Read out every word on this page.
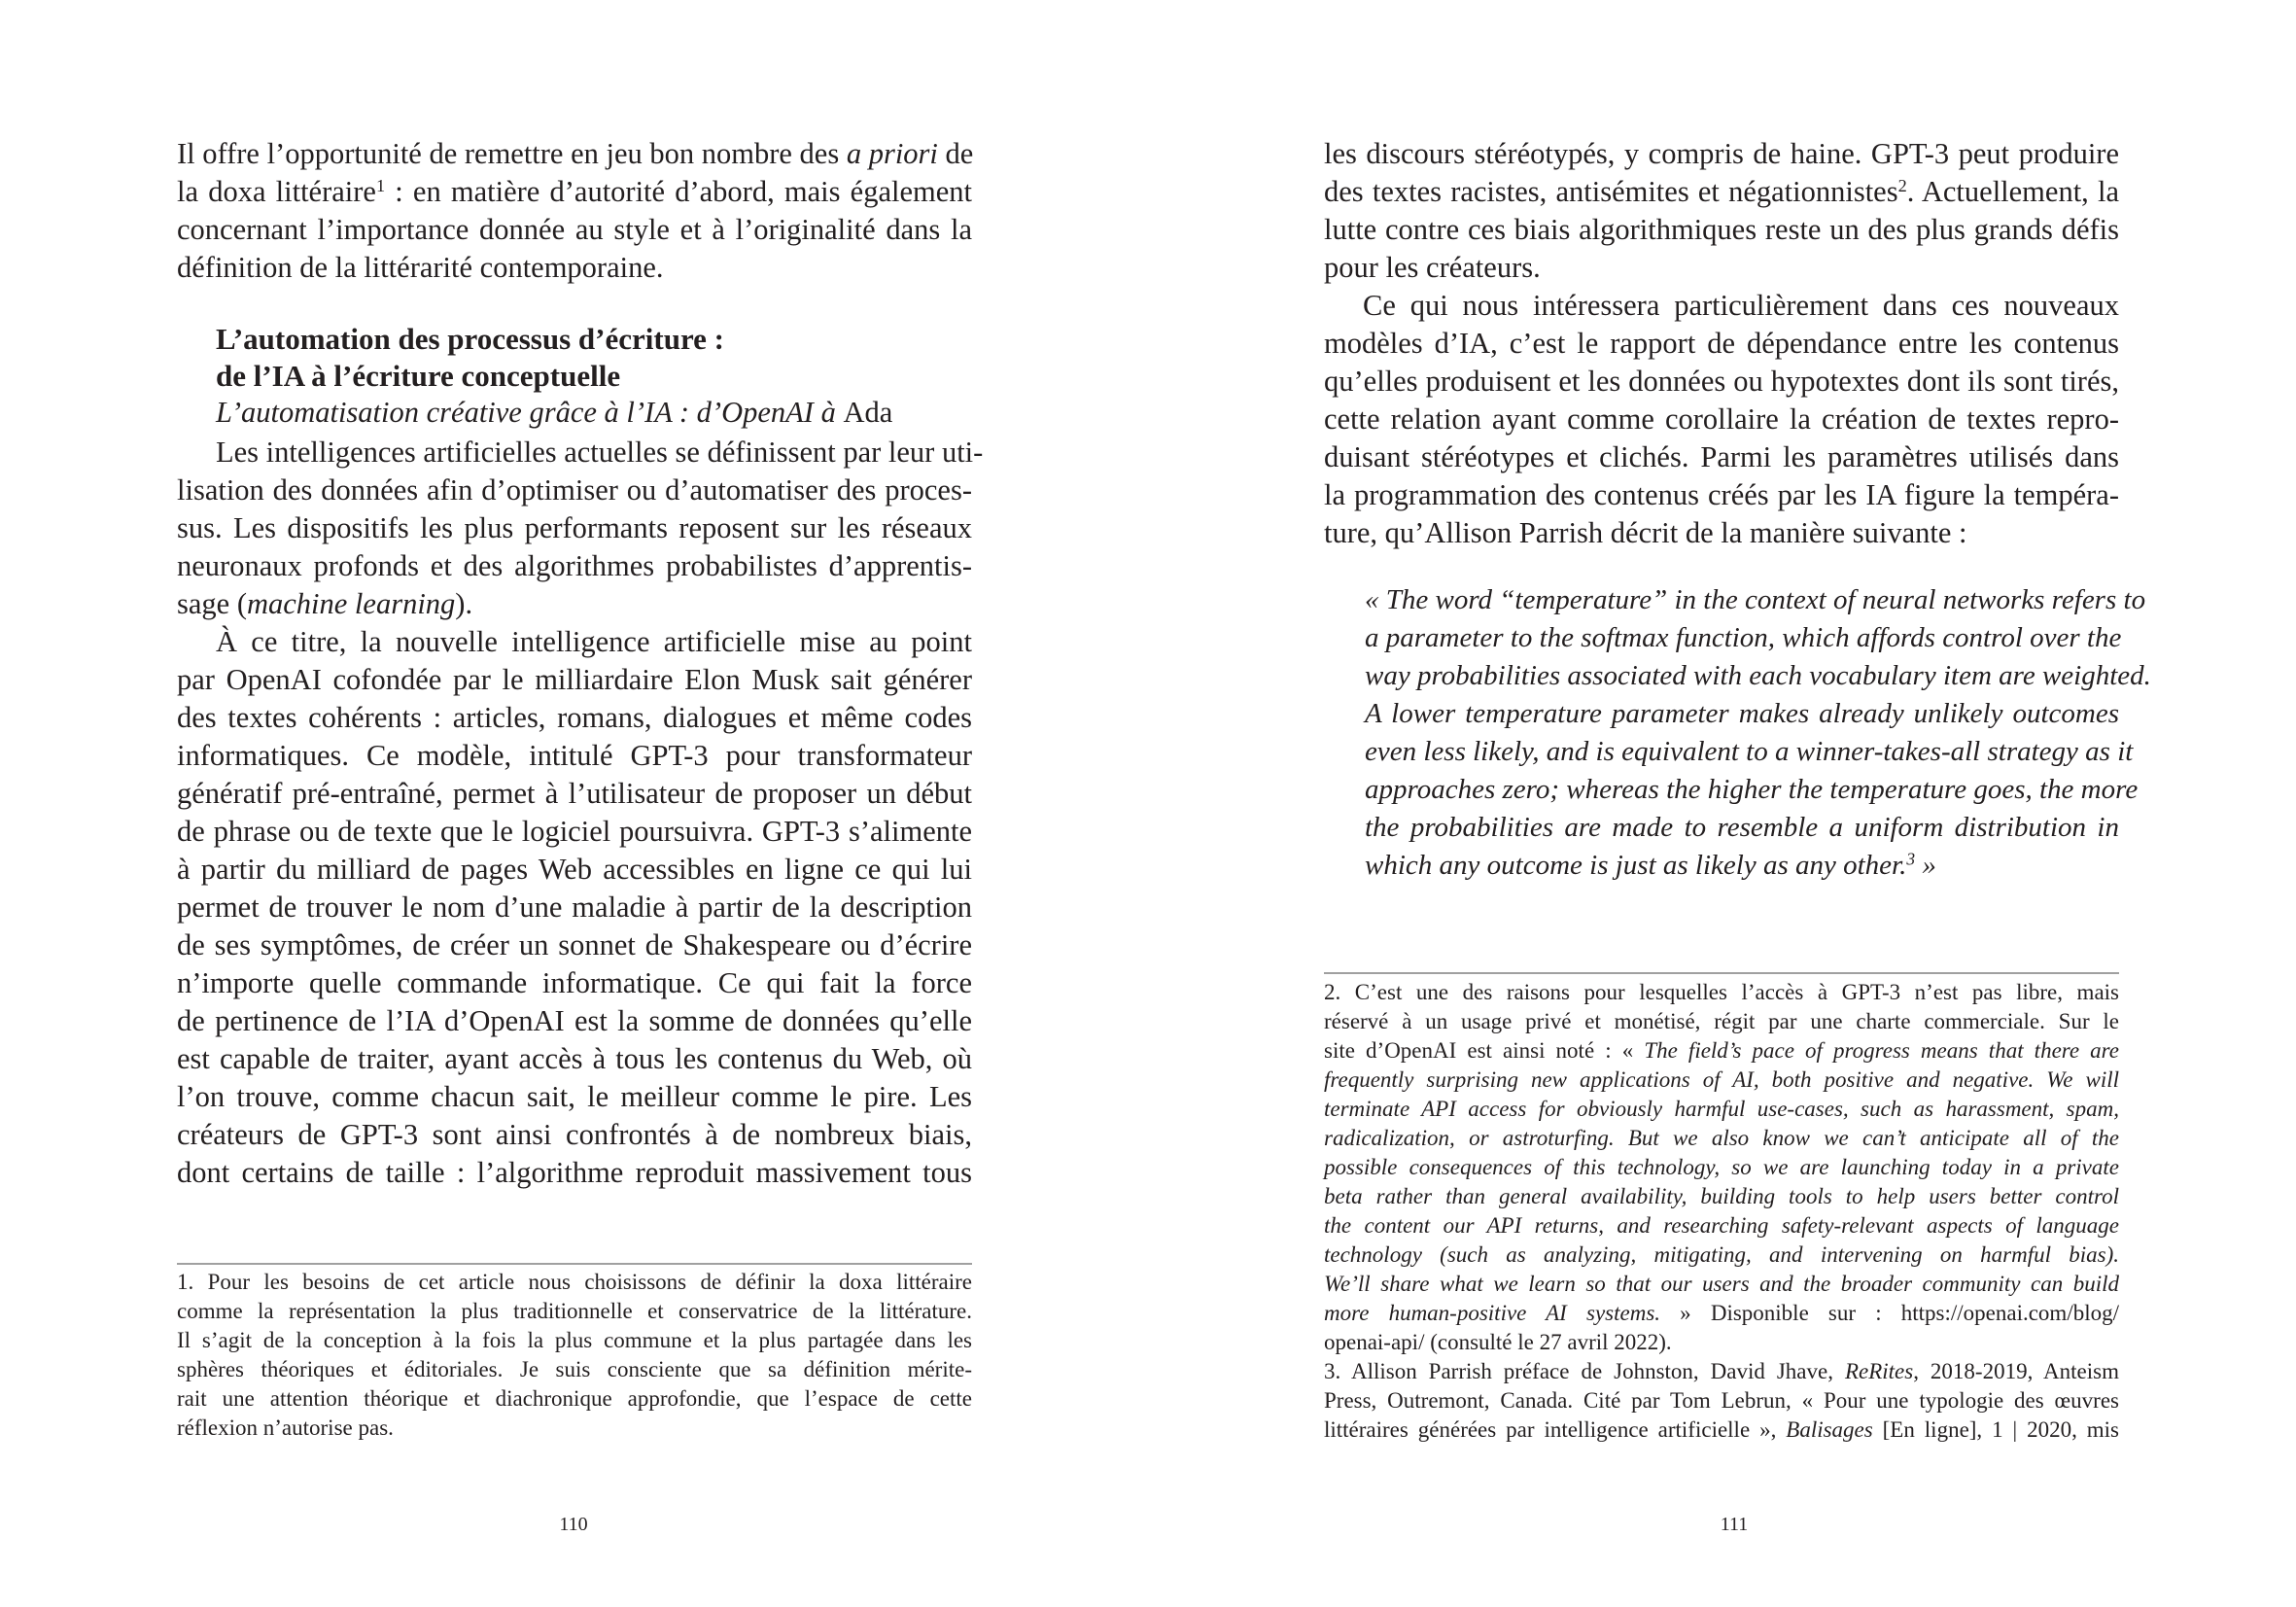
Il offre l’opportunité de remettre en jeu bon nombre des a priori de
la doxa littéraire$^1$ : en matière d’autorité d’abord, mais également
concernant l’importance donnée au style et à l’originalité dans la
définition de la littérarité contemporaine.
L’automation des processus d’écriture :
de l’IA à l’écriture conceptuelle
L’automatisation créative grâce à l’IA : d’OpenAI à Ada
Les intelligences artificielles actuelles se définissent par leur uti-
lisation des données afin d’optimiser ou d’automatiser des proces-
sus. Les dispositifs les plus performants reposent sur les réseaux
neuronaux profonds et des algorithmes probabilistes d’apprentis-
sage (machine learning).
À ce titre, la nouvelle intelligence artificielle mise au point
par OpenAI cofondée par le milliardaire Elon Musk sait générer
des textes cohérents : articles, romans, dialogues et même codes
informatiques. Ce modèle, intitulé GPT-3 pour transformateur
génératif pré-entraîné, permet à l’utilisateur de proposer un début
de phrase ou de texte que le logiciel poursuivra. GPT-3 s’alimente
à partir du milliard de pages Web accessibles en ligne ce qui lui
permet de trouver le nom d’une maladie à partir de la description
de ses symptômes, de créer un sonnet de Shakespeare ou d’écrire
n’importe quelle commande informatique. Ce qui fait la force
de pertinence de l’IA d’OpenAI est la somme de données qu’elle
est capable de traiter, ayant accès à tous les contenus du Web, où
l’on trouve, comme chacun sait, le meilleur comme le pire. Les
créateurs de GPT-3 sont ainsi confrontés à de nombreux biais,
dont certains de taille : l’algorithme reproduit massivement tous
1. Pour les besoins de cet article nous choisissons de définir la doxa littéraire
comme la représentation la plus traditionnelle et conservatrice de la littérature.
Il s’agit de la conception à la fois la plus commune et la plus partagée dans les
sphères théoriques et éditoriales. Je suis consciente que sa définition mérite-
rait une attention théorique et diachronique approfondie, que l’espace de cette
réflexion n’autorise pas.
110
les discours stéréotypés, y compris de haine. GPT-3 peut produire
des textes racistes, antisémites et négationnistes$^2$. Actuellement, la
lutte contre ces biais algorithmiques reste un des plus grands défis
pour les créateurs.
Ce qui nous intéressera particulièrement dans ces nouveaux
modèles d’IA, c’est le rapport de dépendance entre les contenus
qu’elles produisent et les données ou hypotextes dont ils sont tirés,
cette relation ayant comme corollaire la création de textes repro-
duisant stéréotypes et clichés. Parmi les paramètres utilisés dans
la programmation des contenus créés par les IA figure la tempéra-
ture, qu’Allison Parrish décrit de la manière suivante :
« The word “temperature” in the context of neural networks refers to
a parameter to the softmax function, which affords control over the
way probabilities associated with each vocabulary item are weighted.
A lower temperature parameter makes already unlikely outcomes
even less likely, and is equivalent to a winner-takes-all strategy as it
approaches zero; whereas the higher the temperature goes, the more
the probabilities are made to resemble a uniform distribution in
which any outcome is just as likely as any other.$^3$ »
2. C’est une des raisons pour lesquelles l’accès à GPT-3 n’est pas libre, mais
réservé à un usage privé et monétisé, régit par une charte commerciale. Sur le
site d’OpenAI est ainsi noté : « The field’s pace of progress means that there are
frequently surprising new applications of AI, both positive and negative. We will
terminate API access for obviously harmful use-cases, such as harassment, spam,
radicalization, or astroturfing. But we also know we can’t anticipate all of the
possible consequences of this technology, so we are launching today in a private
beta rather than general availability, building tools to help users better control
the content our API returns, and researching safety-relevant aspects of language
technology (such as analyzing, mitigating, and intervening on harmful bias).
We’ll share what we learn so that our users and the broader community can build
more human-positive AI systems. » Disponible sur : https://openai.com/blog/
openai-api/ (consulté le 27 avril 2022).
3. Allison Parrish préface de Johnston, David Jhave, ReRites, 2018-2019, Anteism
Press, Outremont, Canada. Cité par Tom Lebrun, « Pour une typologie des œuvres
littéraires générées par intelligence artificielle », Balisages [En ligne], 1 | 2020, mis
111
